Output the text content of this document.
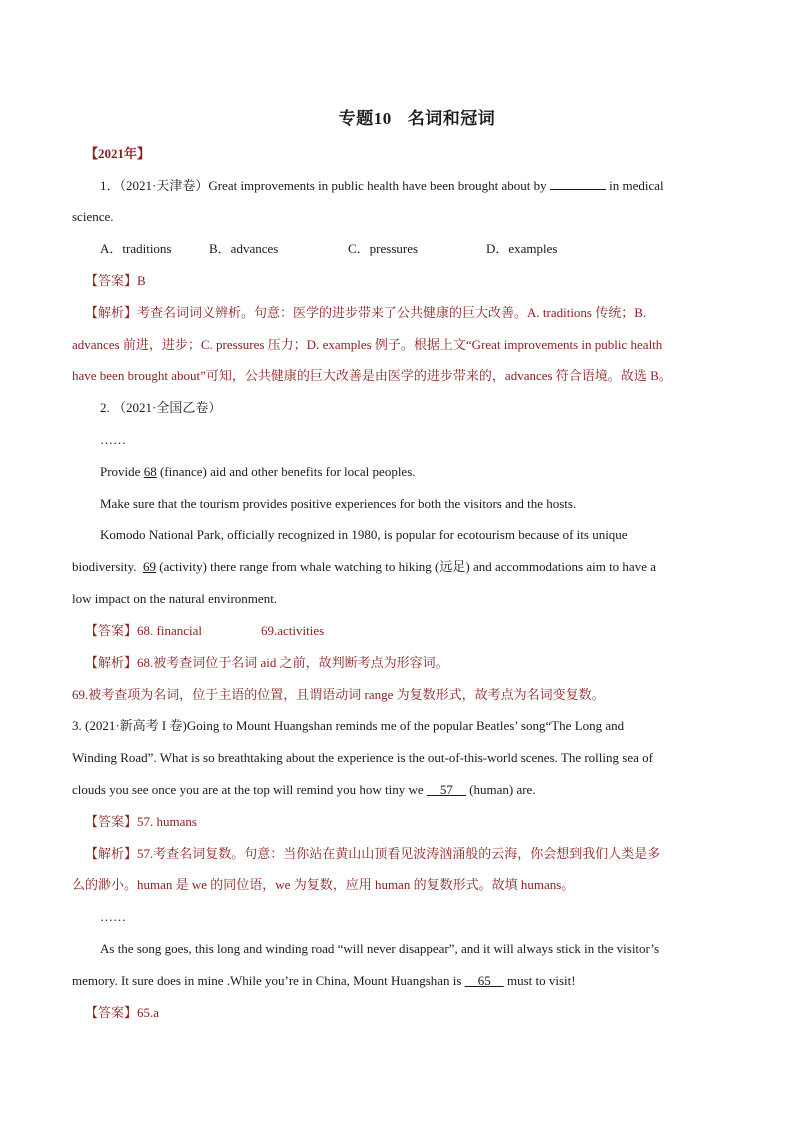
专题10 名词和冠词
【2021年】
1．（2021·天津卷）Great improvements in public health have been brought about by	in medical
science.
A．traditions	B．advances	C．pressures	D．examples
【答案】B
【解析】考查名词词义辨析。句意：医学的进步带来了公共健康的巨大改善。A. traditions 传统；B.
advances 前进，进步；C. pressures 压力；D. examples 例子。根据上文“Great improvements in public health
have been brought about”可知，公共健康的巨大改善是由医学的进步带来的，advances 符合语境。故选 B。
2. （2021·全国乙卷）
……
Provide 68 (finance) aid and other benefits for local peoples.
Make sure that the tourism provides positive experiences for both the visitors and the hosts.
Komodo National Park, officially recognized in 1980, is popular for ecotourism because of its unique
biodiversity. 69 (activity) there range from whale watching to hiking (远足) and accommodations aim to have a
low impact on the natural environment.
【答案】68. financial	69.activities
【解析】68.被考查词位于名词 aid 之前，故判断考点为形容词。
69.被考查项为名词，位于主语的位置，且谓语动词 range 为复数形式，故考点为名词变复数。
3. (2021·新高考 I 卷)Going to Mount Huangshan reminds me of the popular Beatles’ song“The Long and
Winding Road”. What is so breathtaking about the experience is the out-of-this-world scenes. The rolling sea of
clouds you see once you are at the top will remind you how tiny we 57 (human) are.
【答案】57. humans
【解析】57.考查名词复数。句意：当你站在黄山山顶看见波涛汹涌般的云海，你会想到我们人类是多
么的渺小。human 是 we 的同位语，we 为复数，应用 human 的复数形式。故填 humans。
……
As the song goes, this long and winding road “will never disappear”, and it will always stick in the visitor’s
memory. It sure does in mine .While you’re in China, Mount Huangshan is 65 must to visit!
【答案】65.a
